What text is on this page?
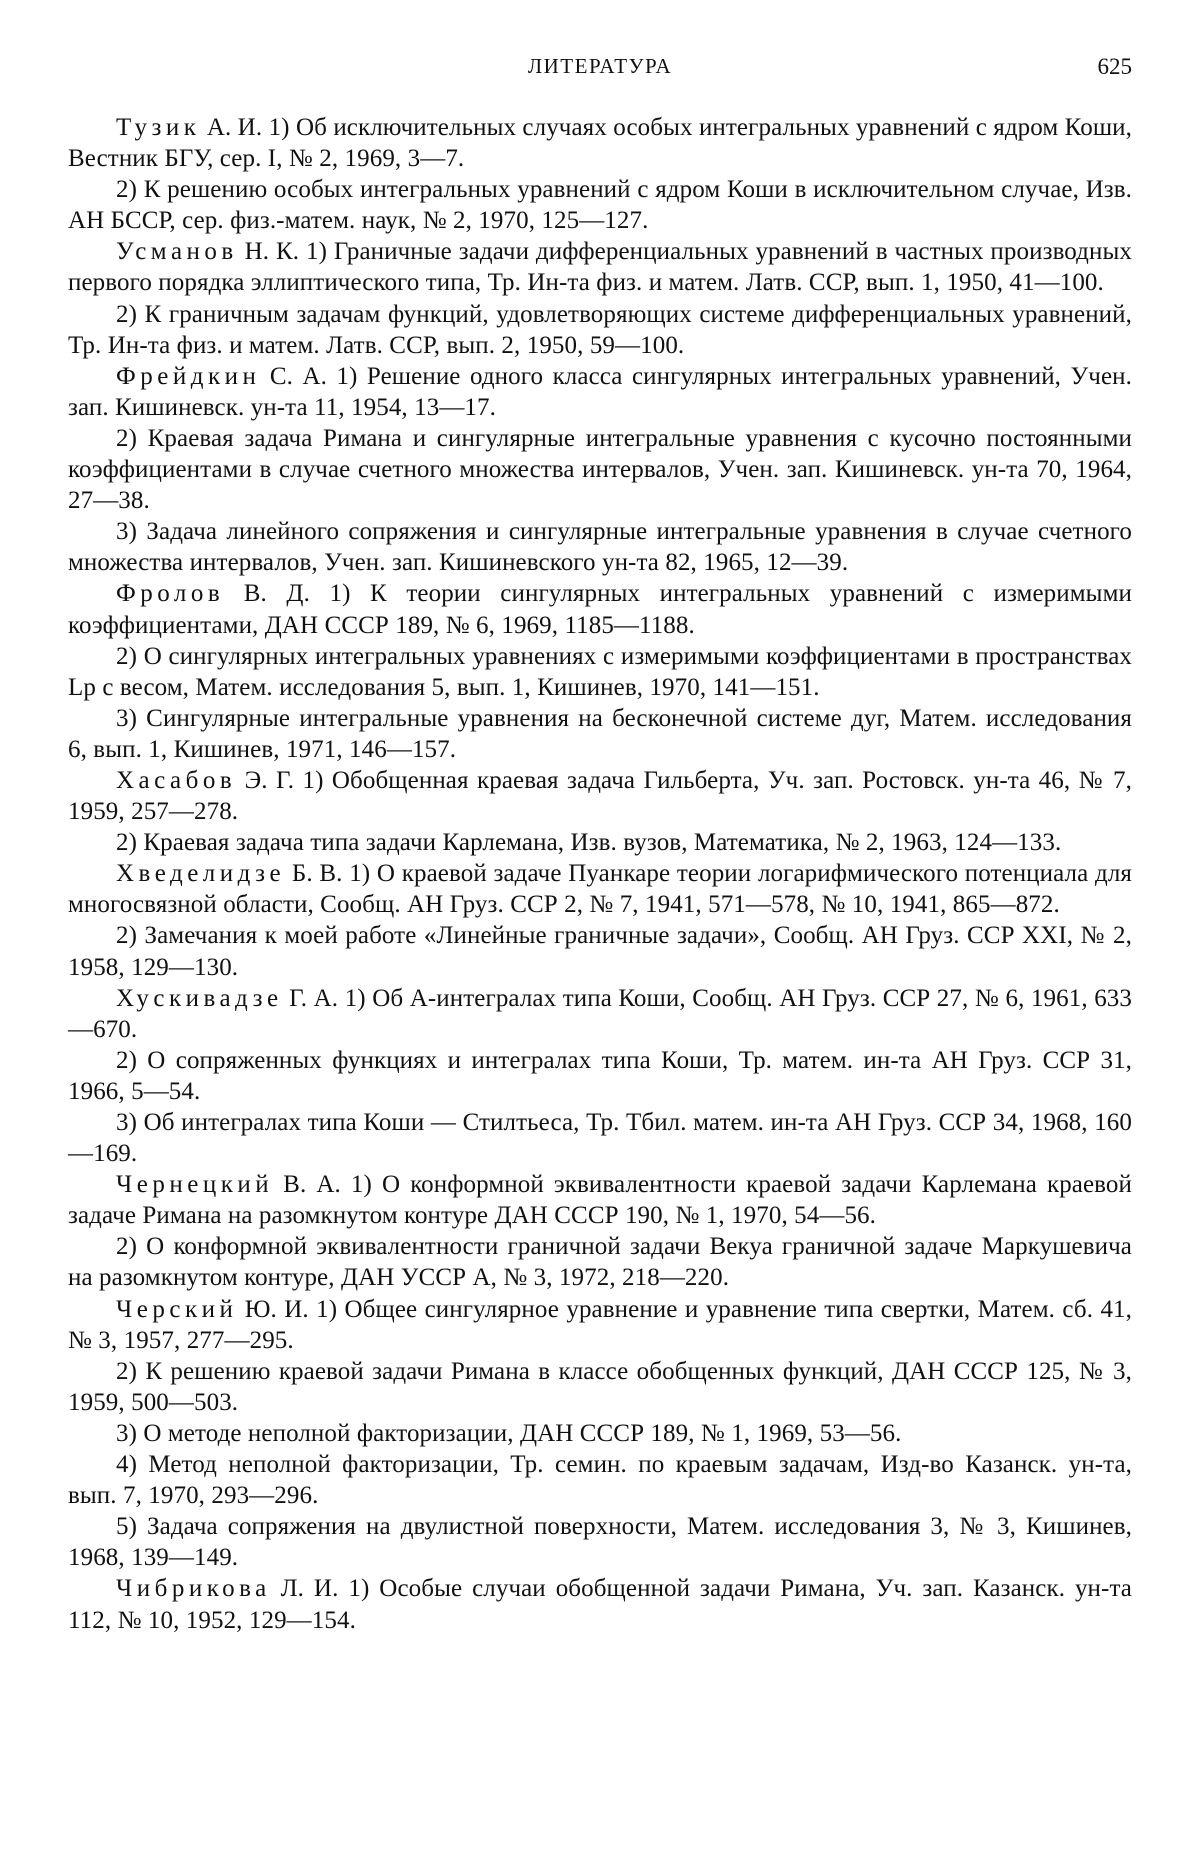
ЛИТЕРАТУРА	625

Тузик А. И. 1) Об исключительных случаях особых интегральных уравнений с ядром Коши, Вестник БГУ, сер. I, № 2, 1969, 3—7.

2) К решению особых интегральных уравнений с ядром Коши в исключительном случае, Изв. АН БССР, сер. физ.-матем. наук, № 2, 1970, 125—127.

Усманов Н. К. 1) Граничные задачи дифференциальных уравнений в частных производных первого порядка эллиптического типа, Тр. Ин-та физ. и матем. Латв. ССР, вып. 1, 1950, 41—100.

2) К граничным задачам функций, удовлетворяющих системе дифференциальных уравнений, Тр. Ин-та физ. и матем. Латв. ССР, вып. 2, 1950, 59—100.

Фрейдкин С. А. 1) Решение одного класса сингулярных интегральных уравнений, Учен. зап. Кишиневск. ун-та 11, 1954, 13—17.

2) Краевая задача Римана и сингулярные интегральные уравнения с кусочно постоянными коэффициентами в случае счетного множества интервалов, Учен. зап. Кишиневск. ун-та 70, 1964, 27—38.

3) Задача линейного сопряжения и сингулярные интегральные уравнения в случае счетного множества интервалов, Учен. зап. Кишиневского ун-та 82, 1965, 12—39.

Фролов В. Д. 1) К теории сингулярных интегральных уравнений с измеримыми коэффициентами, ДАН СССР 189, № 6, 1969, 1185—1188.

2) О сингулярных интегральных уравнениях с измеримыми коэффициентами в пространствах Lp с весом, Матем. исследования 5, вып. 1, Кишинев, 1970, 141—151.

3) Сингулярные интегральные уравнения на бесконечной системе дуг, Матем. исследования 6, вып. 1, Кишинев, 1971, 146—157.

Хасабов Э. Г. 1) Обобщенная краевая задача Гильберта, Уч. зап. Ростовск. ун-та 46, № 7, 1959, 257—278.

2) Краевая задача типа задачи Карлемана, Изв. вузов, Математика, № 2, 1963, 124—133.

Хведелидзе Б. В. 1) О краевой задаче Пуанкаре теории логарифмического потенциала для многосвязной области, Сообщ. АН Груз. ССР 2, № 7, 1941, 571—578, № 10, 1941, 865—872.

2) Замечания к моей работе «Линейные граничные задачи», Сообщ. АН Груз. ССР XXI, № 2, 1958, 129—130.

Хускивадзе Г. А. 1) Об А-интегралах типа Коши, Сообщ. АН Груз. ССР 27, № 6, 1961, 633—670.

2) О сопряженных функциях и интегралах типа Коши, Тр. матем. ин-та АН Груз. ССР 31, 1966, 5—54.

3) Об интегралах типа Коши — Стилтьеса, Тр. Тбил. матем. ин-та АН Груз. ССР 34, 1968, 160—169.

Чернецкий В. А. 1) О конформной эквивалентности краевой задачи Карлемана краевой задаче Римана на разомкнутом контуре ДАН СССР 190, № 1, 1970, 54—56.

2) О конформной эквивалентности граничной задачи Векуа граничной задаче Маркушевича на разомкнутом контуре, ДАН УССР А, № 3, 1972, 218—220.

Черский Ю. И. 1) Общее сингулярное уравнение и уравнение типа свертки, Матем. сб. 41, № 3, 1957, 277—295.

2) К решению краевой задачи Римана в классе обобщенных функций, ДАН СССР 125, № 3, 1959, 500—503.

3) О методе неполной факторизации, ДАН СССР 189, № 1, 1969, 53—56.

4) Метод неполной факторизации, Тр. семин. по краевым задачам, Изд-во Казанск. ун-та, вып. 7, 1970, 293—296.

5) Задача сопряжения на двулистной поверхности, Матем. исследования 3, № 3, Кишинев, 1968, 139—149.

Чибрикова Л. И. 1) Особые случаи обобщенной задачи Римана, Уч. зап. Казанск. ун-та 112, № 10, 1952, 129—154.
